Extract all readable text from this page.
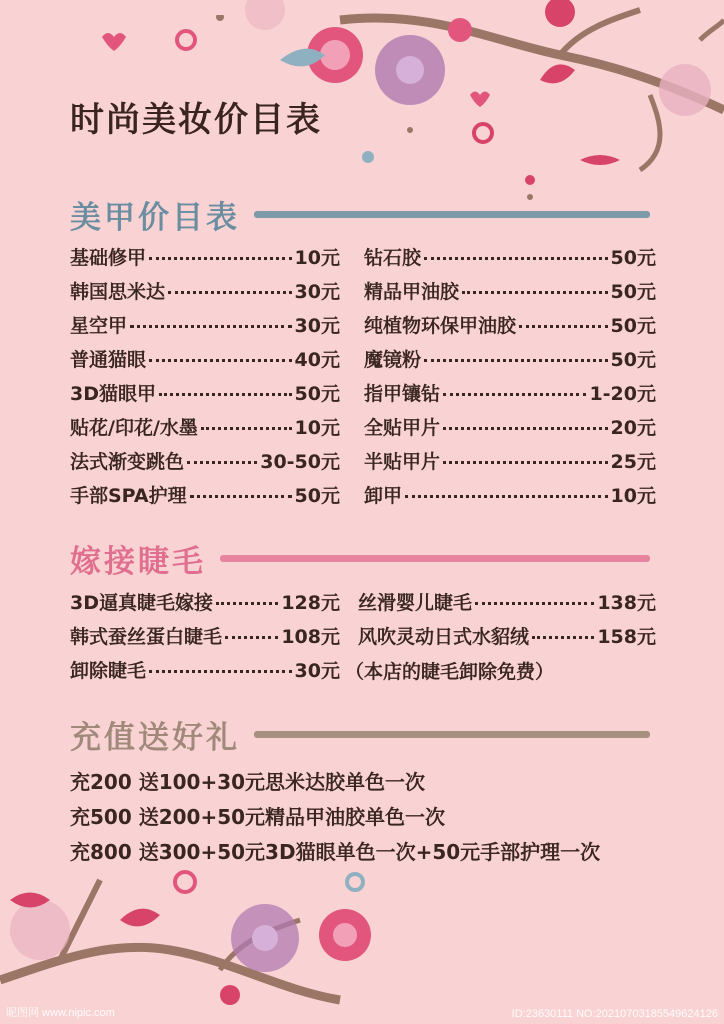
时尚美妆价目表
美甲价目表
基础修甲	10元
韩国思米达	30元
星空甲	30元
普通猫眼	40元
3D猫眼甲	50元
贴花/印花/水墨	10元
法式渐变跳色	30-50元
手部SPA护理	50元
钻石胶	50元
精品甲油胶	50元
纯植物环保甲油胶	50元
魔镜粉	50元
指甲镶钻	1-20元
全贴甲片	20元
半贴甲片	25元
卸甲	10元
嫁接睫毛
3D逼真睫毛嫁接	128元
韩式蚕丝蛋白睫毛	108元
卸除睫毛	30元
丝滑婴儿睫毛	138元
风吹灵动日式水貂绒	158元
（本店的睫毛卸除免费）
充值送好礼
充200 送100+30元思米达胶单色一次
充500 送200+50元精品甲油胶单色一次
充800 送300+50元3D猫眼单色一次+50元手部护理一次
昵图网 www.nipic.com	ID:23630111 NO:20210703185549624126
